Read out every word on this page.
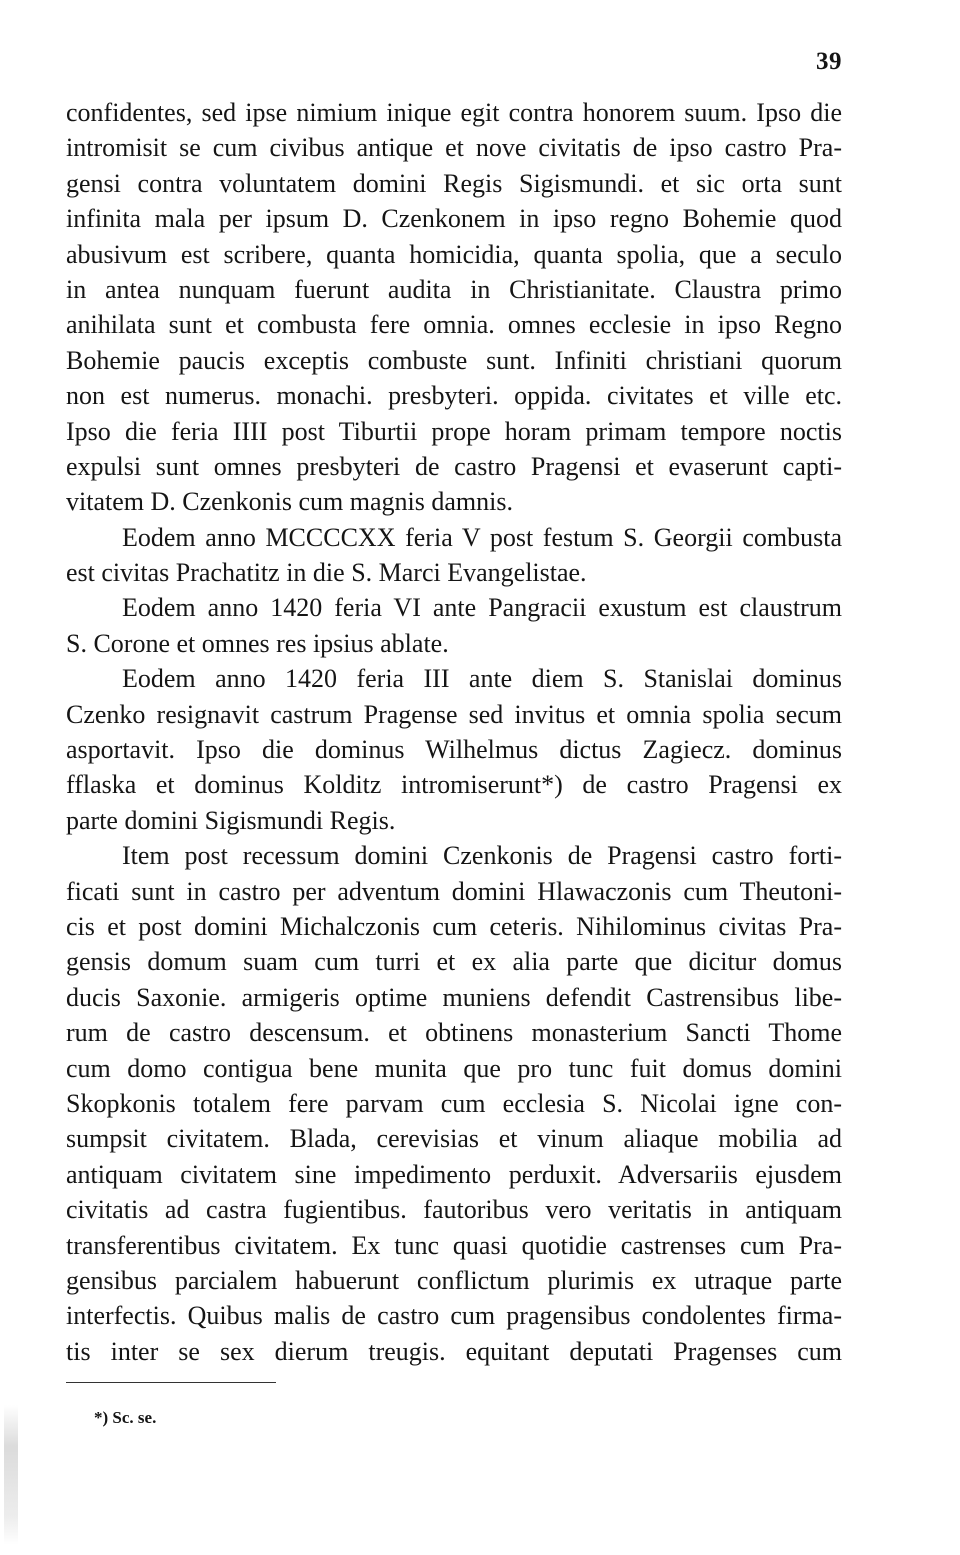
39
confidentes, sed ipse nimium inique egit contra honorem suum. Ipso die
intromisit se cum civibus antique et nove civitatis de ipso castro Pra-
gensi contra voluntatem domini Regis Sigismundi. et sic orta sunt
infinita mala per ipsum D. Czenkonem in ipso regno Bohemie quod
abusivum est scribere, quanta homicidia, quanta spolia, que a seculo
in antea nunquam fuerunt audita in Christianitate. Claustra primo
anihilata sunt et combusta fere omnia. omnes ecclesie in ipso Regno
Bohemie paucis exceptis combuste sunt. Infiniti christiani quorum
non est numerus. monachi. presbyteri. oppida. civitates et ville etc.
Ipso die feria IIII post Tiburtii prope horam primam tempore noctis
expulsi sunt omnes presbyteri de castro Pragensi et evaserunt capti-
vitatem D. Czenkonis cum magnis damnis.
Eodem anno MCCCCXX feria V post festum S. Georgii combusta
est civitas Prachatitz in die S. Marci Evangelistae.
Eodem anno 1420 feria VI ante Pangracii exustum est claustrum
S. Corone et omnes res ipsius ablate.
Eodem anno 1420 feria III ante diem S. Stanislai dominus
Czenko resignavit castrum Pragense sed invitus et omnia spolia secum
asportavit. Ipso die dominus Wilhelmus dictus Zagiecz. dominus
fflaska et dominus Kolditz intromiserunt*) de castro Pragensi ex
parte domini Sigismundi Regis.
Item post recessum domini Czenkonis de Pragensi castro forti-
ficati sunt in castro per adventum domini Hlawaczonis cum Theutoni-
cis et post domini Michalczonis cum ceteris. Nihilominus civitas Pra-
gensis domum suam cum turri et ex alia parte que dicitur domus
ducis Saxonie. armigeris optime muniens defendit Castrensibus libe-
rum de castro descensum. et obtinens monasterium Sancti Thome
cum domo contigua bene munita que pro tunc fuit domus domini
Skopkonis totalem fere parvam cum ecclesia S. Nicolai igne con-
sumpsit civitatem. Blada, cerevisias et vinum aliaque mobilia ad
antiquam civitatem sine impedimento perduxit. Adversariis ejusdem
civitatis ad castra fugientibus. fautoribus vero veritatis in antiquam
transferentibus civitatem. Ex tunc quasi quotidie castrenses cum Pra-
gensibus parcialem habuerunt conflictum plurimis ex utraque parte
interfectis. Quibus malis de castro cum pragensibus condolentes firma-
tis inter se sex dierum treugis. equitant deputati Pragenses cum
*) Sc. se.
